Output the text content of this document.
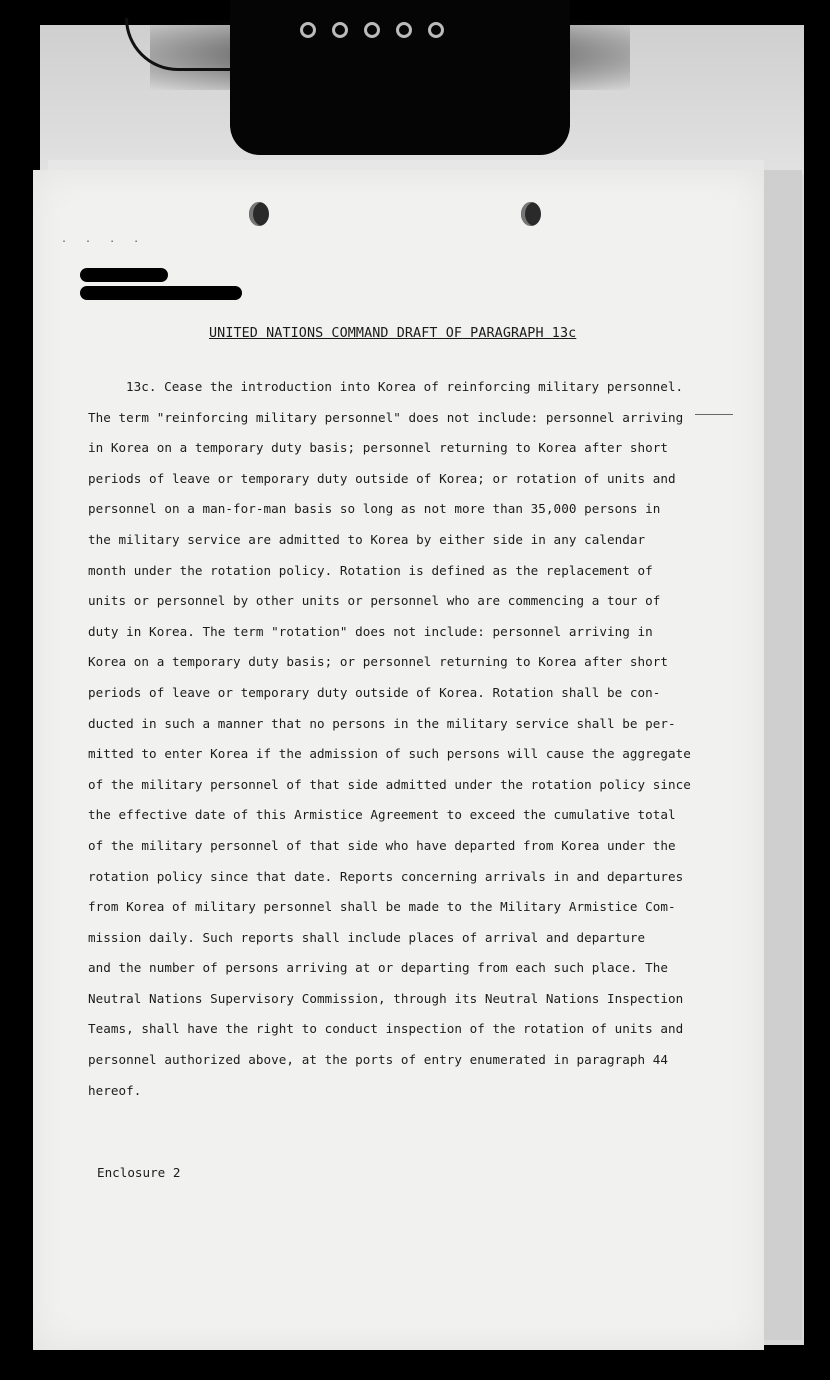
. . . .
UNITED NATIONS COMMAND DRAFT OF PARAGRAPH 13c
13c. Cease the introduction into Korea of reinforcing military personnel.
The term "reinforcing military personnel" does not include: personnel arriving
in Korea on a temporary duty basis; personnel returning to Korea after short
periods of leave or temporary duty outside of Korea; or rotation of units and
personnel on a man-for-man basis so long as not more than 35,000 persons in
the military service are admitted to Korea by either side in any calendar
month under the rotation policy. Rotation is defined as the replacement of
units or personnel by other units or personnel who are commencing a tour of
duty in Korea. The term "rotation" does not include: personnel arriving in
Korea on a temporary duty basis; or personnel returning to Korea after short
periods of leave or temporary duty outside of Korea. Rotation shall be con-
ducted in such a manner that no persons in the military service shall be per-
mitted to enter Korea if the admission of such persons will cause the aggregate
of the military personnel of that side admitted under the rotation policy since
the effective date of this Armistice Agreement to exceed the cumulative total
of the military personnel of that side who have departed from Korea under the
rotation policy since that date. Reports concerning arrivals in and departures
from Korea of military personnel shall be made to the Military Armistice Com-
mission daily. Such reports shall include places of arrival and departure
and the number of persons arriving at or departing from each such place. The
Neutral Nations Supervisory Commission, through its Neutral Nations Inspection
Teams, shall have the right to conduct inspection of the rotation of units and
personnel authorized above, at the ports of entry enumerated in paragraph 44
hereof.
Enclosure 2
